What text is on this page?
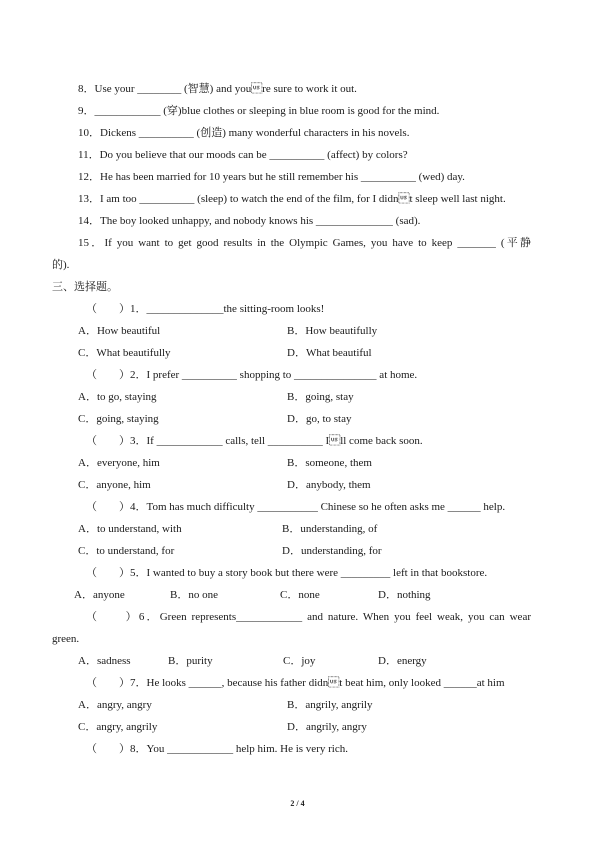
8．Use your ________ (智慧) and youre sure to work it out.
9．____________ (穿)blue clothes or sleeping in blue room is good for the mind.
10．Dickens __________ (创造) many wonderful characters in his novels.
11．Do you believe that our moods can be __________ (affect) by colors?
12．He has been married for 10 years but he still remember his __________ (wed) day.
13．I am too __________ (sleep) to watch the end of the film, for I didnt sleep well last night.
14．The boy looked unhappy, and nobody knows his ______________ (sad).
15．If you want to get good results in the Olympic Games, you have to keep _______ (平静
的).
三、选择题。
（　　）1．______________the sitting-room looks!
A．How beautiful	B．How beautifully
C．What beautifully	D．What beautiful
（　　）2．I prefer __________ shopping to _______________ at home.
A．to go, staying	B．going, stay
C．going, staying	D．go, to stay
（　　）3．If ____________ calls, tell __________ Ill come back soon.
A．everyone, him	B．someone, them
C．anyone, him	D．anybody, them
（　　）4．Tom has much difficulty ___________ Chinese so he often asks me ______ help.
A．to understand, with	B．understanding, of
C．to understand, for	D．understanding, for
（　　）5．I wanted to buy a story book but there were _________ left in that bookstore.
A．anyone	B．no one	C．none	D．nothing
（　　）6．Green represents____________ and nature. When you feel weak, you can wear
green.
A．sadness	B．purity	C．joy	D．energy
（　　）7．He looks ______, because his father didnt beat him, only looked ______at him
A．angry, angry	B．angrily, angrily
C．angry, angrily	D．angrily, angry
（　　）8．You ____________ help him. He is very rich.
2 / 4
